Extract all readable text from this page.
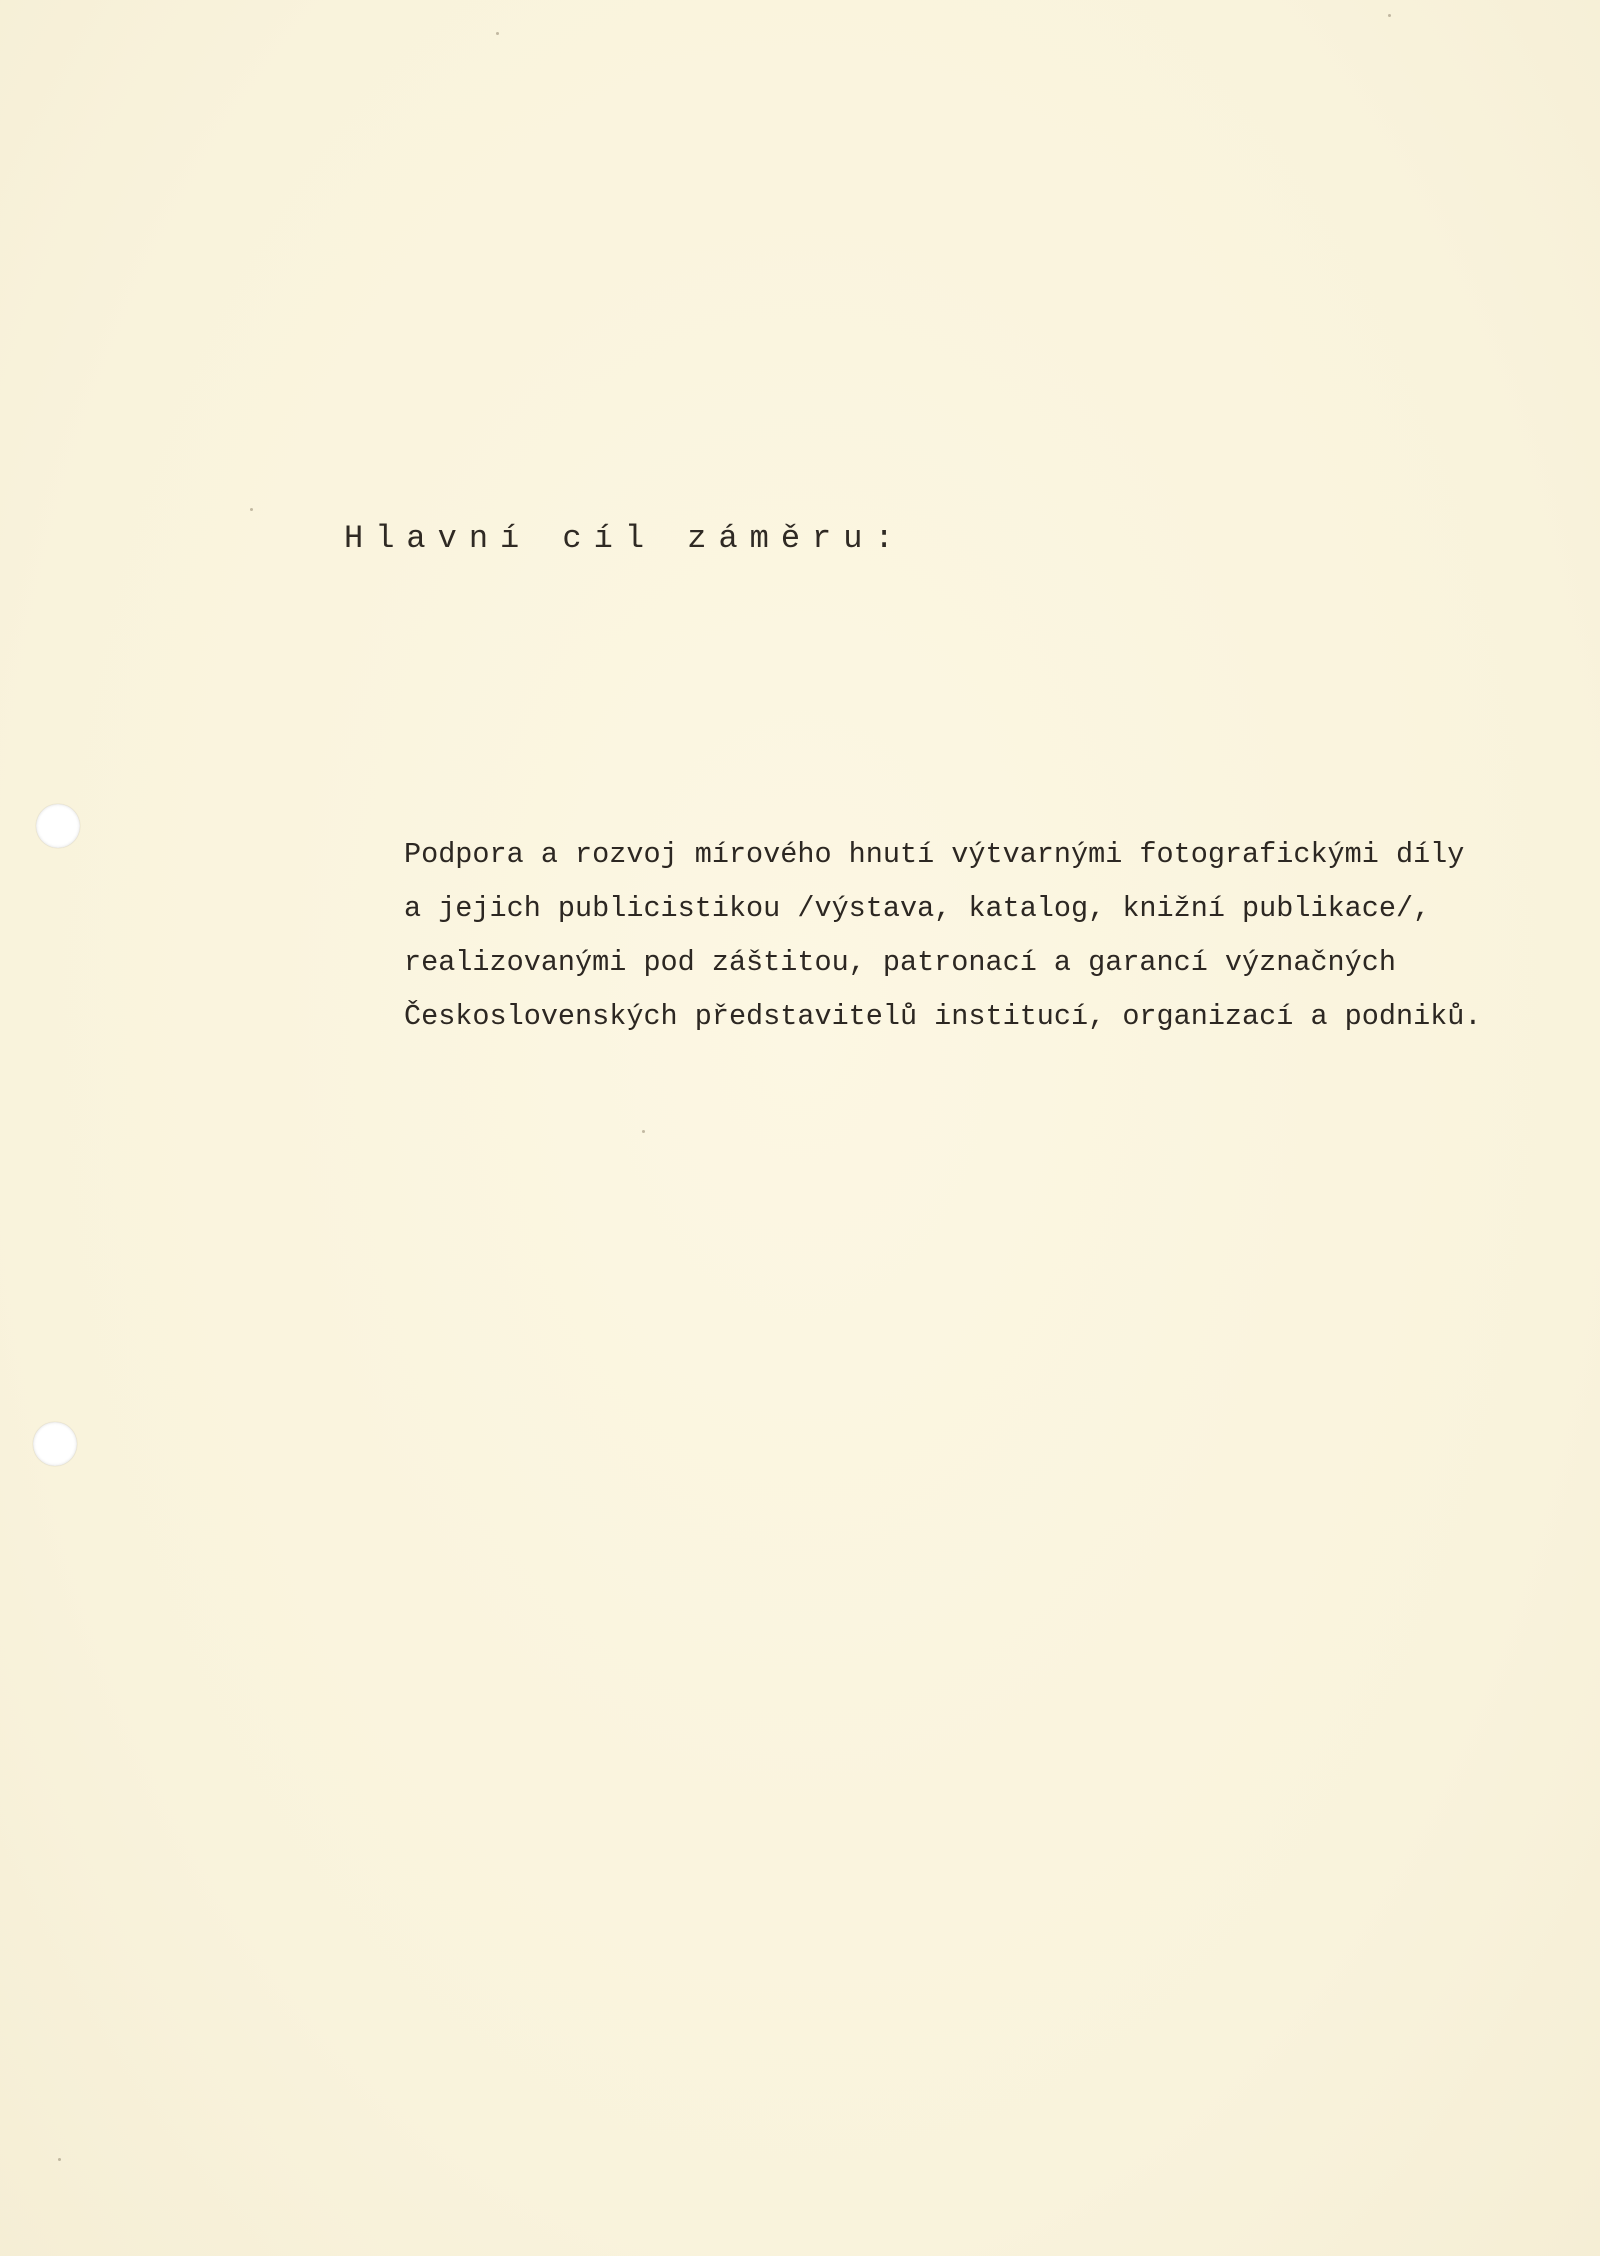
Hlavní cíl záměru:
Podpora a rozvoj mírového hnutí výtvarnými fotografickými díly
a jejich publicistikou /výstava, katalog, knižní publikace/,
realizovanými pod záštitou, patronací a garancí význačných
Československých představitelů institucí, organizací a podniků.
